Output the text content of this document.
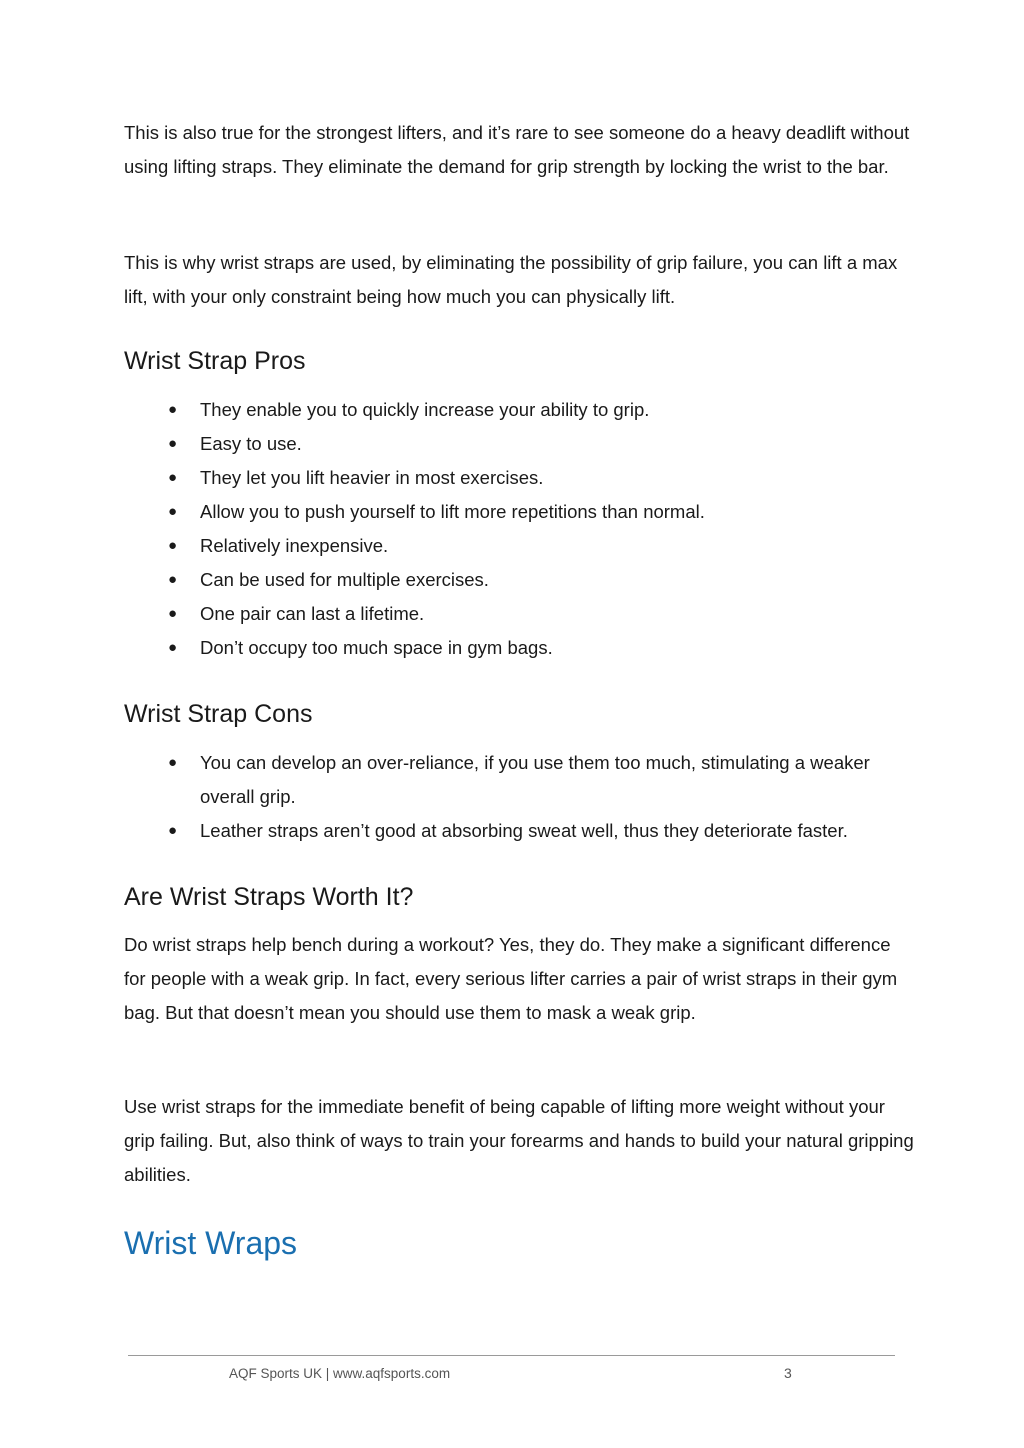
This is also true for the strongest lifters, and it’s rare to see someone do a heavy deadlift without using lifting straps. They eliminate the demand for grip strength by locking the wrist to the bar.

This is why wrist straps are used, by eliminating the possibility of grip failure, you can lift a max lift, with your only constraint being how much you can physically lift.

Wrist Strap Pros
● They enable you to quickly increase your ability to grip.
● Easy to use.
● They let you lift heavier in most exercises.
● Allow you to push yourself to lift more repetitions than normal.
● Relatively inexpensive.
● Can be used for multiple exercises.
● One pair can last a lifetime.
● Don’t occupy too much space in gym bags.
Wrist Strap Cons
● You can develop an over-reliance, if you use them too much, stimulating a weaker overall grip.
● Leather straps aren’t good at absorbing sweat well, thus they deteriorate faster.
Are Wrist Straps Worth It?

Do wrist straps help bench during a workout? Yes, they do. They make a significant difference for people with a weak grip. In fact, every serious lifter carries a pair of wrist straps in their gym bag. But that doesn’t mean you should use them to mask a weak grip.

Use wrist straps for the immediate benefit of being capable of lifting more weight without your grip failing. But, also think of ways to train your forearms and hands to build your natural gripping abilities.

Wrist Wraps
AQF Sports UK | www.aqfsports.com	3
